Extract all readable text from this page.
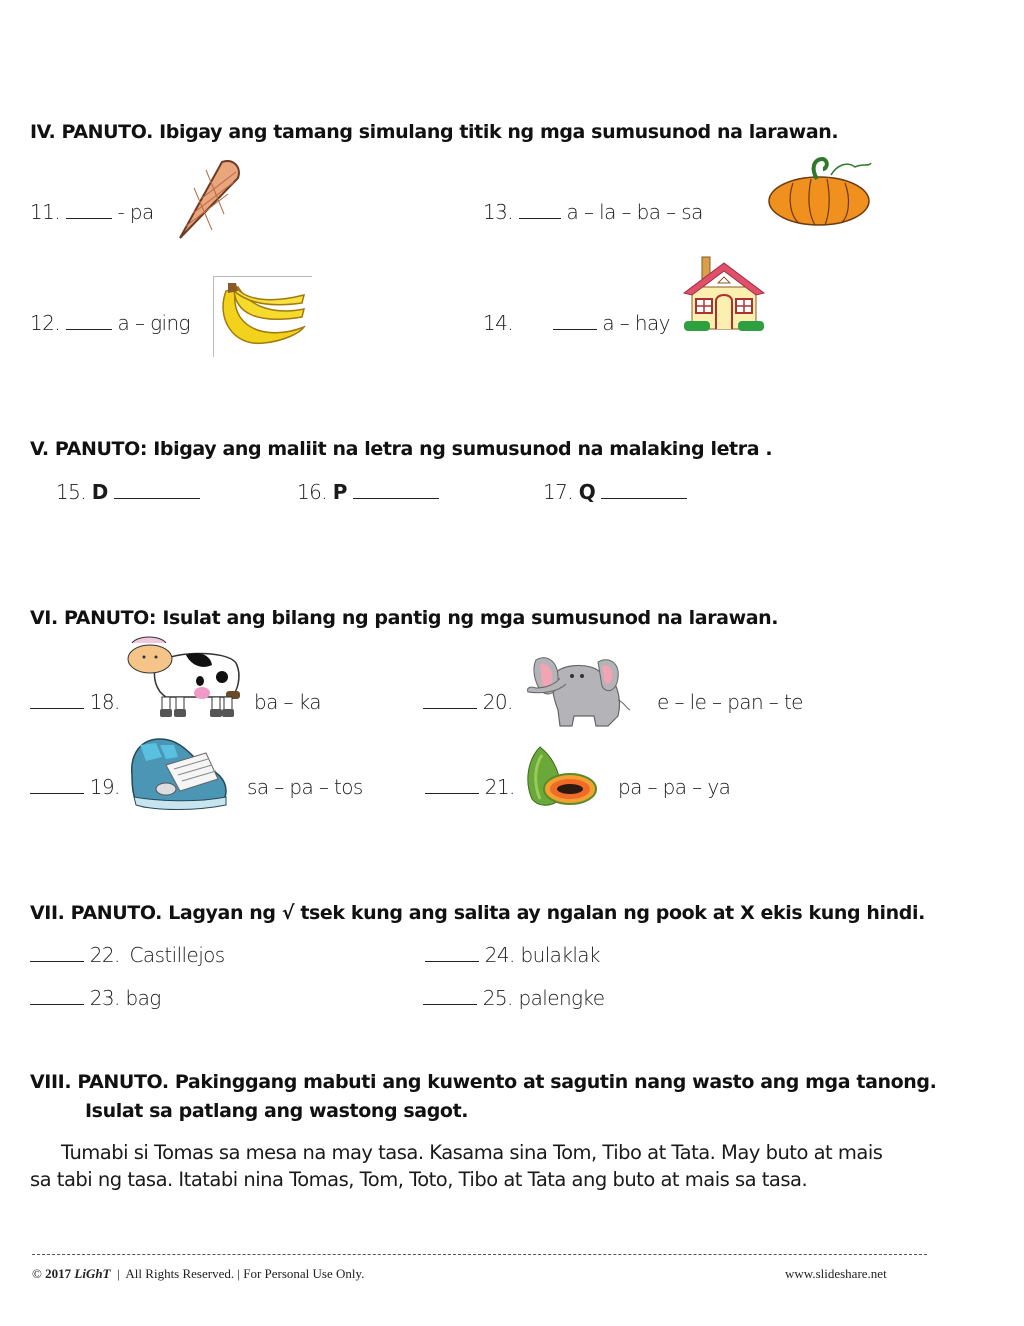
IV. PANUTO. Ibigay ang tamang simulang titik ng mga sumusunod na larawan.
11.	- pa
12.	a – ging
13.	a – la – ba – sa
14.	a – hay
V. PANUTO: Ibigay ang maliit na letra ng sumusunod na malaking letra .
15. D	16. P	17. Q
VI. PANUTO: Isulat ang bilang ng pantig ng mga sumusunod na larawan.
18.	ba – ka
19.	sa – pa – tos
20.	e – le – pan – te
21.	pa – pa – ya
VII. PANUTO. Lagyan ng √ tsek kung ang salita ay ngalan ng pook at X ekis kung hindi.
22. Castillejos
23. bag
24. bulaklak
25. palengke
VIII. PANUTO. Pakinggang mabuti ang kuwento at sagutin nang wasto ang mga tanong.
Isulat sa patlang ang wastong sagot.
Tumabi si Tomas sa mesa na may tasa. Kasama sina Tom, Tibo at Tata. May buto at mais
sa tabi ng tasa. Itatabi nina Tomas, Tom, Toto, Tibo at Tata ang buto at mais sa tasa.
© 2017 LiGhT | All Rights Reserved. | For Personal Use Only.	www.slideshare.net
